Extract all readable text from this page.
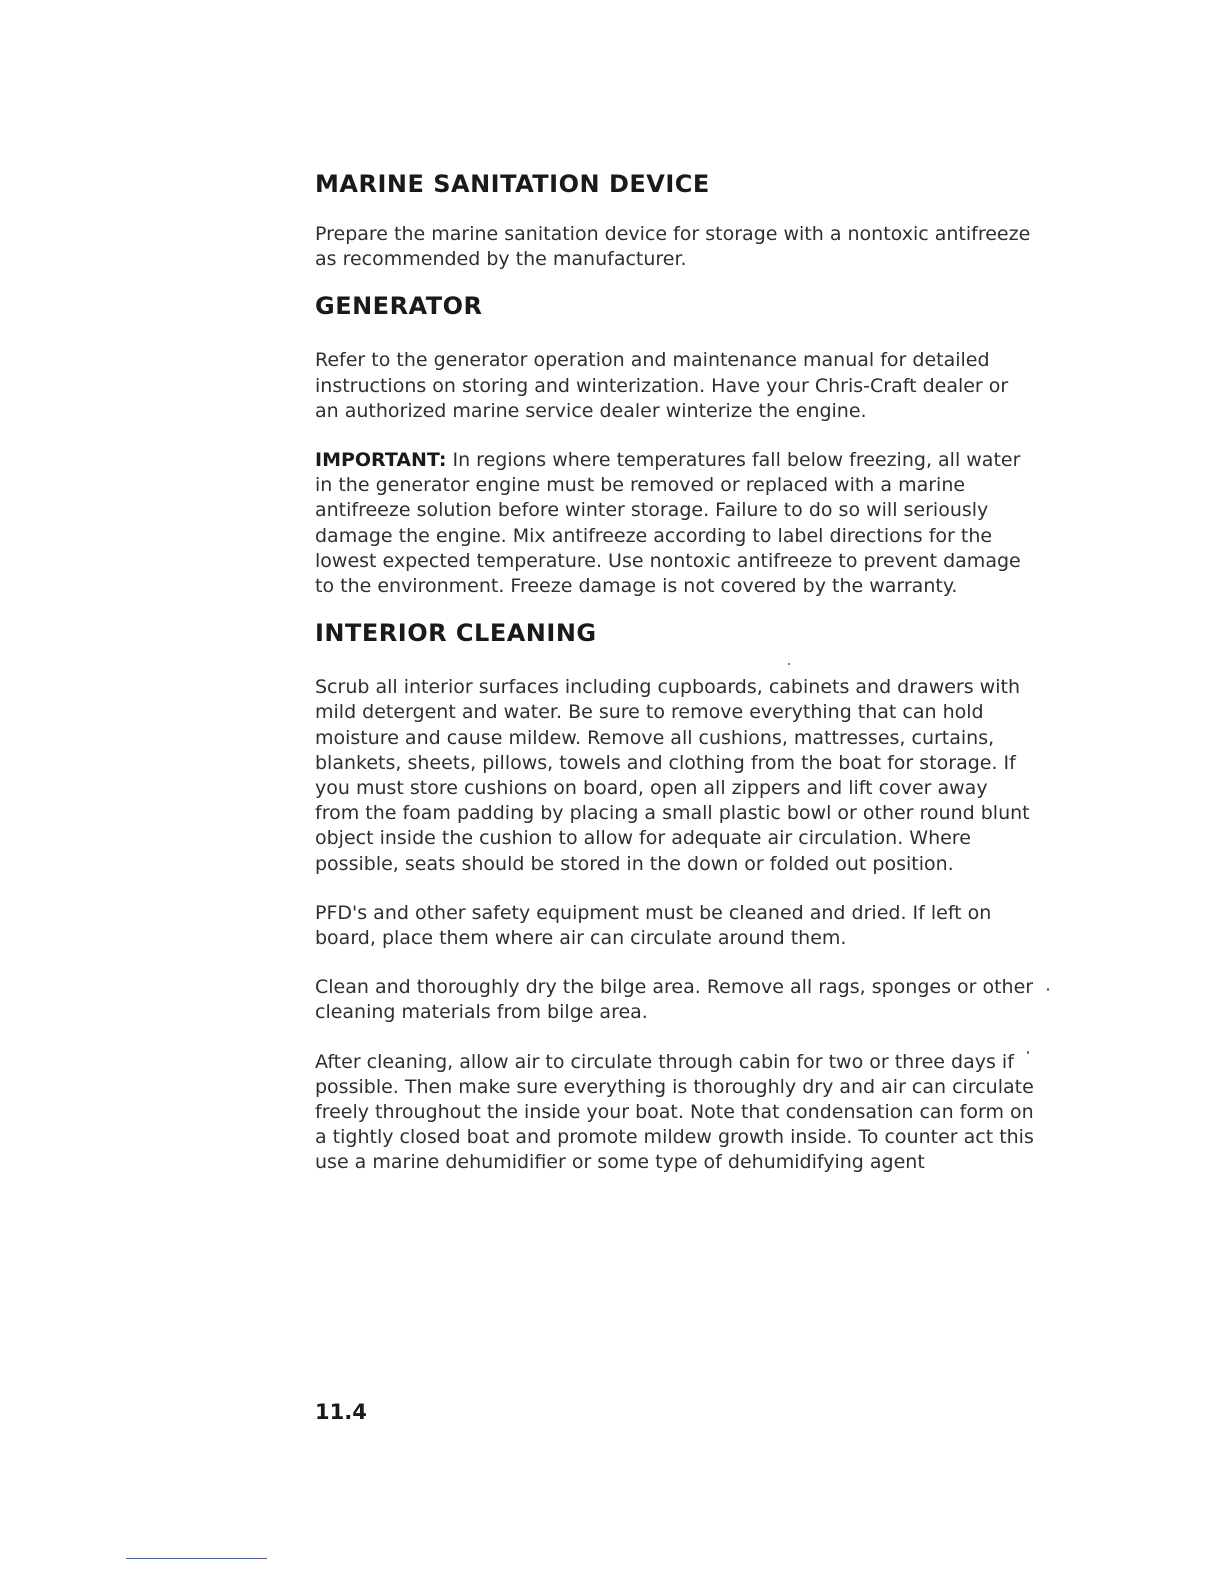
MARINE SANITATION DEVICE

Prepare the marine sanitation device for storage with a nontoxic antifreeze as recommended by the manufacturer.

GENERATOR

Refer to the generator operation and maintenance manual for detailed instructions on storing and winterization. Have your Chris-Craft dealer or an authorized marine service dealer winterize the engine.

IMPORTANT: In regions where temperatures fall below freezing, all water in the generator engine must be removed or replaced with a marine antifreeze solution before winter storage. Failure to do so will seriously damage the engine. Mix antifreeze according to label directions for the lowest expected temperature. Use nontoxic antifreeze to prevent damage to the environment. Freeze damage is not covered by the warranty.

INTERIOR CLEANING

Scrub all interior surfaces including cupboards, cabinets and drawers with mild detergent and water. Be sure to remove everything that can hold moisture and cause mildew. Remove all cushions, mattresses, curtains, blankets, sheets, pillows, towels and clothing from the boat for storage. If you must store cushions on board, open all zippers and lift cover away from the foam padding by placing a small plastic bowl or other round blunt object inside the cushion to allow for adequate air circulation. Where possible, seats should be stored in the down or folded out position.

PFD's and other safety equipment must be cleaned and dried. If left on board, place them where air can circulate around them.

Clean and thoroughly dry the bilge area. Remove all rags, sponges or other cleaning materials from bilge area.

After cleaning, allow air to circulate through cabin for two or three days if possible. Then make sure everything is thoroughly dry and air can circulate freely throughout the inside your boat. Note that condensation can form on a tightly closed boat and promote mildew growth inside. To counter act this use a marine dehumidifier or some type of dehumidifying agent

11.4
